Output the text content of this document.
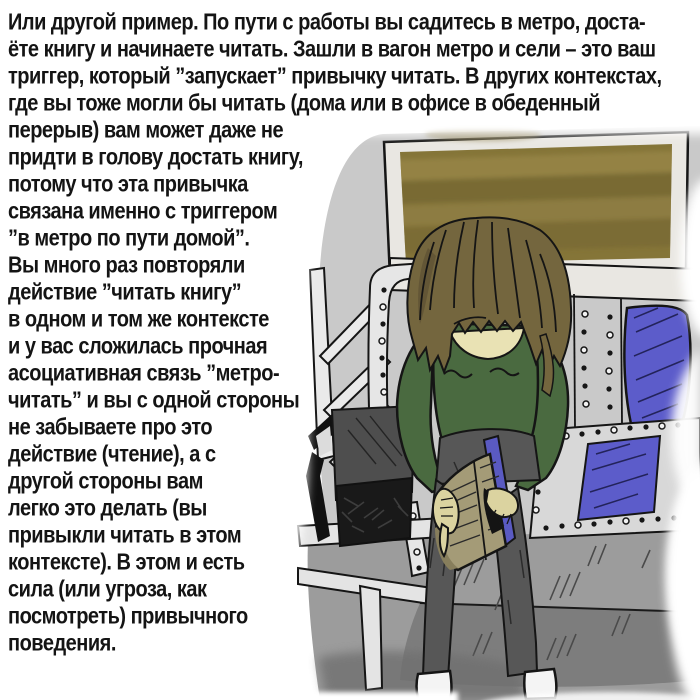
Или другой пример. По пути с работы вы садитесь в метро, доста-
ёте книгу и начинаете читать. Зашли в вагон метро и сели – это ваш
триггер, который ”запускает” привычку читать. В других контекстах,
где вы тоже могли бы читать (дома или в офисе в обеденный
перерыв) вам может даже не
придти в голову достать книгу,
потому что эта привычка
связана именно с триггером
”в метро по пути домой”.
Вы много раз повторяли
действие ”читать книгу”
в одном и том же контексте
и у вас сложилась прочная
асоциативная связь ”метро-
читать” и вы с одной стороны
не забываете про это
действие (чтение), а с
другой стороны вам
легко это делать (вы
привыкли читать в этом
контексте). В этом и есть
сила (или угроза, как
посмотреть) привычного
поведения.
